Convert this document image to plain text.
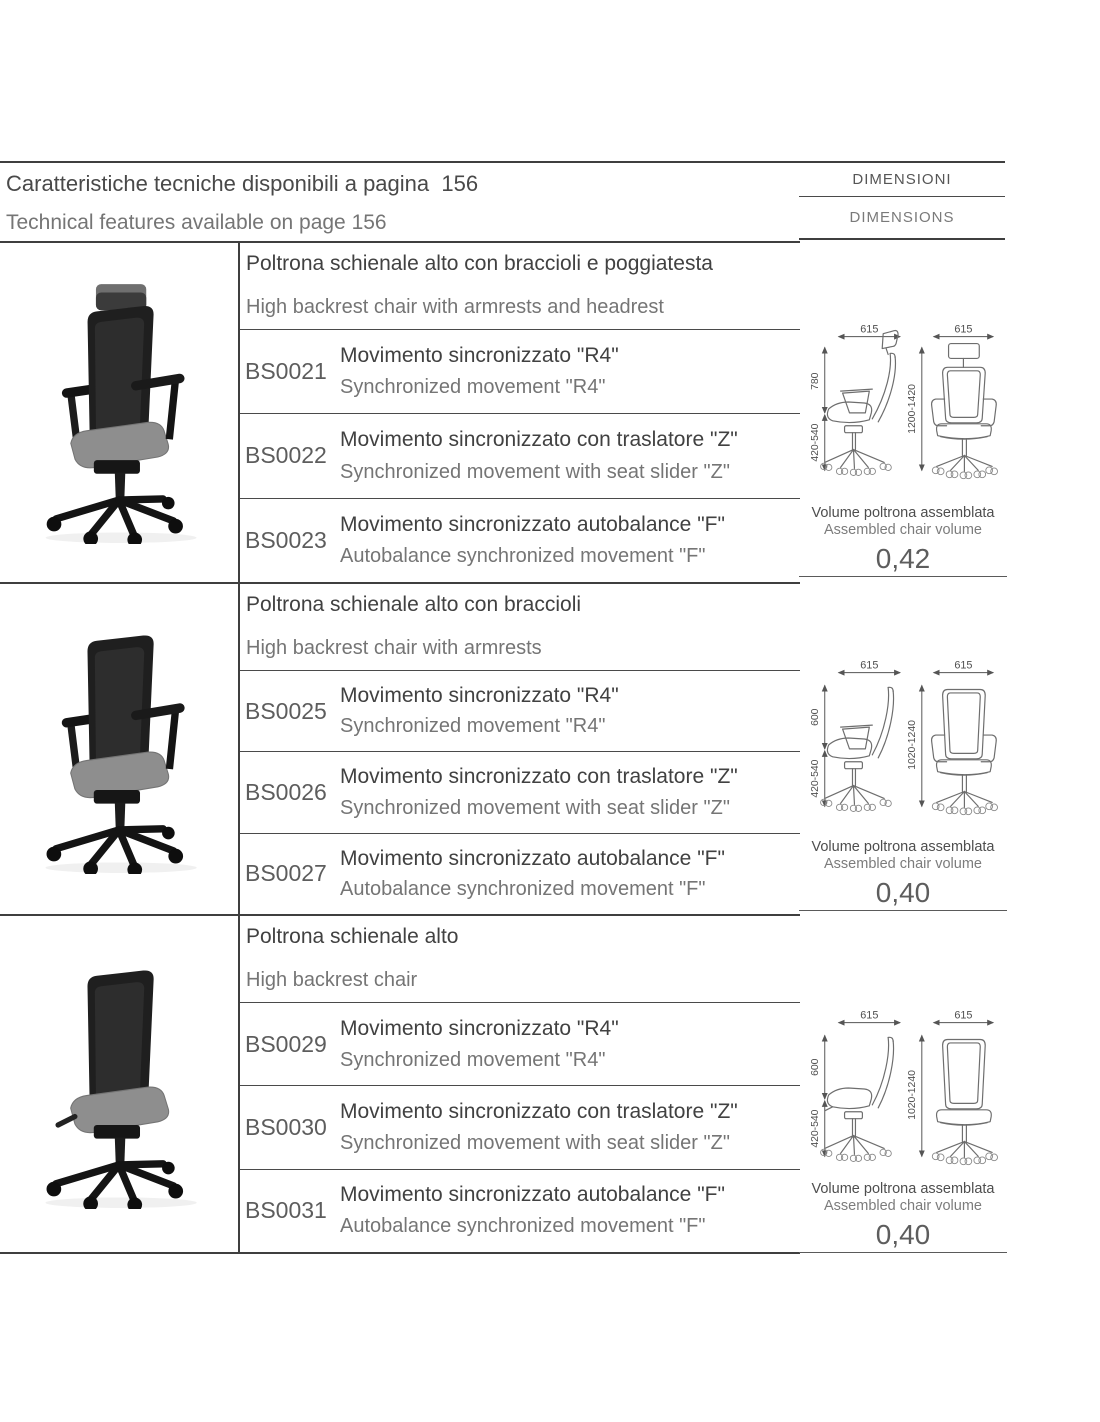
Caratteristiche tecniche disponibili a pagina  156
Technical features available on page 156
Poltrona schienale alto con braccioli e poggiatesta
High backrest chair with armrests and headrest
BS0021
Movimento sincronizzato "R4"
Synchronized movement "R4"
BS0022
Movimento sincronizzato con traslatore "Z"
Synchronized movement with seat slider "Z"
BS0023
Movimento sincronizzato autobalance "F"
Autobalance synchronized movement "F"
Poltrona schienale alto con braccioli
High backrest chair with armrests
BS0025
Movimento sincronizzato "R4"
Synchronized movement "R4"
BS0026
Movimento sincronizzato con traslatore "Z"
Synchronized movement with seat slider "Z"
BS0027
Movimento sincronizzato autobalance "F"
Autobalance synchronized movement "F"
Poltrona schienale alto
High backrest chair
BS0029
Movimento sincronizzato "R4"
Synchronized movement "R4"
BS0030
Movimento sincronizzato con traslatore "Z"
Synchronized movement with seat slider "Z"
BS0031
Movimento sincronizzato autobalance "F"
Autobalance synchronized movement "F"
DIMENSIONI
DIMENSIONS
615
780
420-540
615
1200-1420
Volume poltrona assemblata
Assembled chair volume
0,42
615
600
420-540
615
1020-1240
Volume poltrona assemblata
Assembled chair volume
0,40
615
600
420-540
615
1020-1240
Volume poltrona assemblata
Assembled chair volume
0,40
